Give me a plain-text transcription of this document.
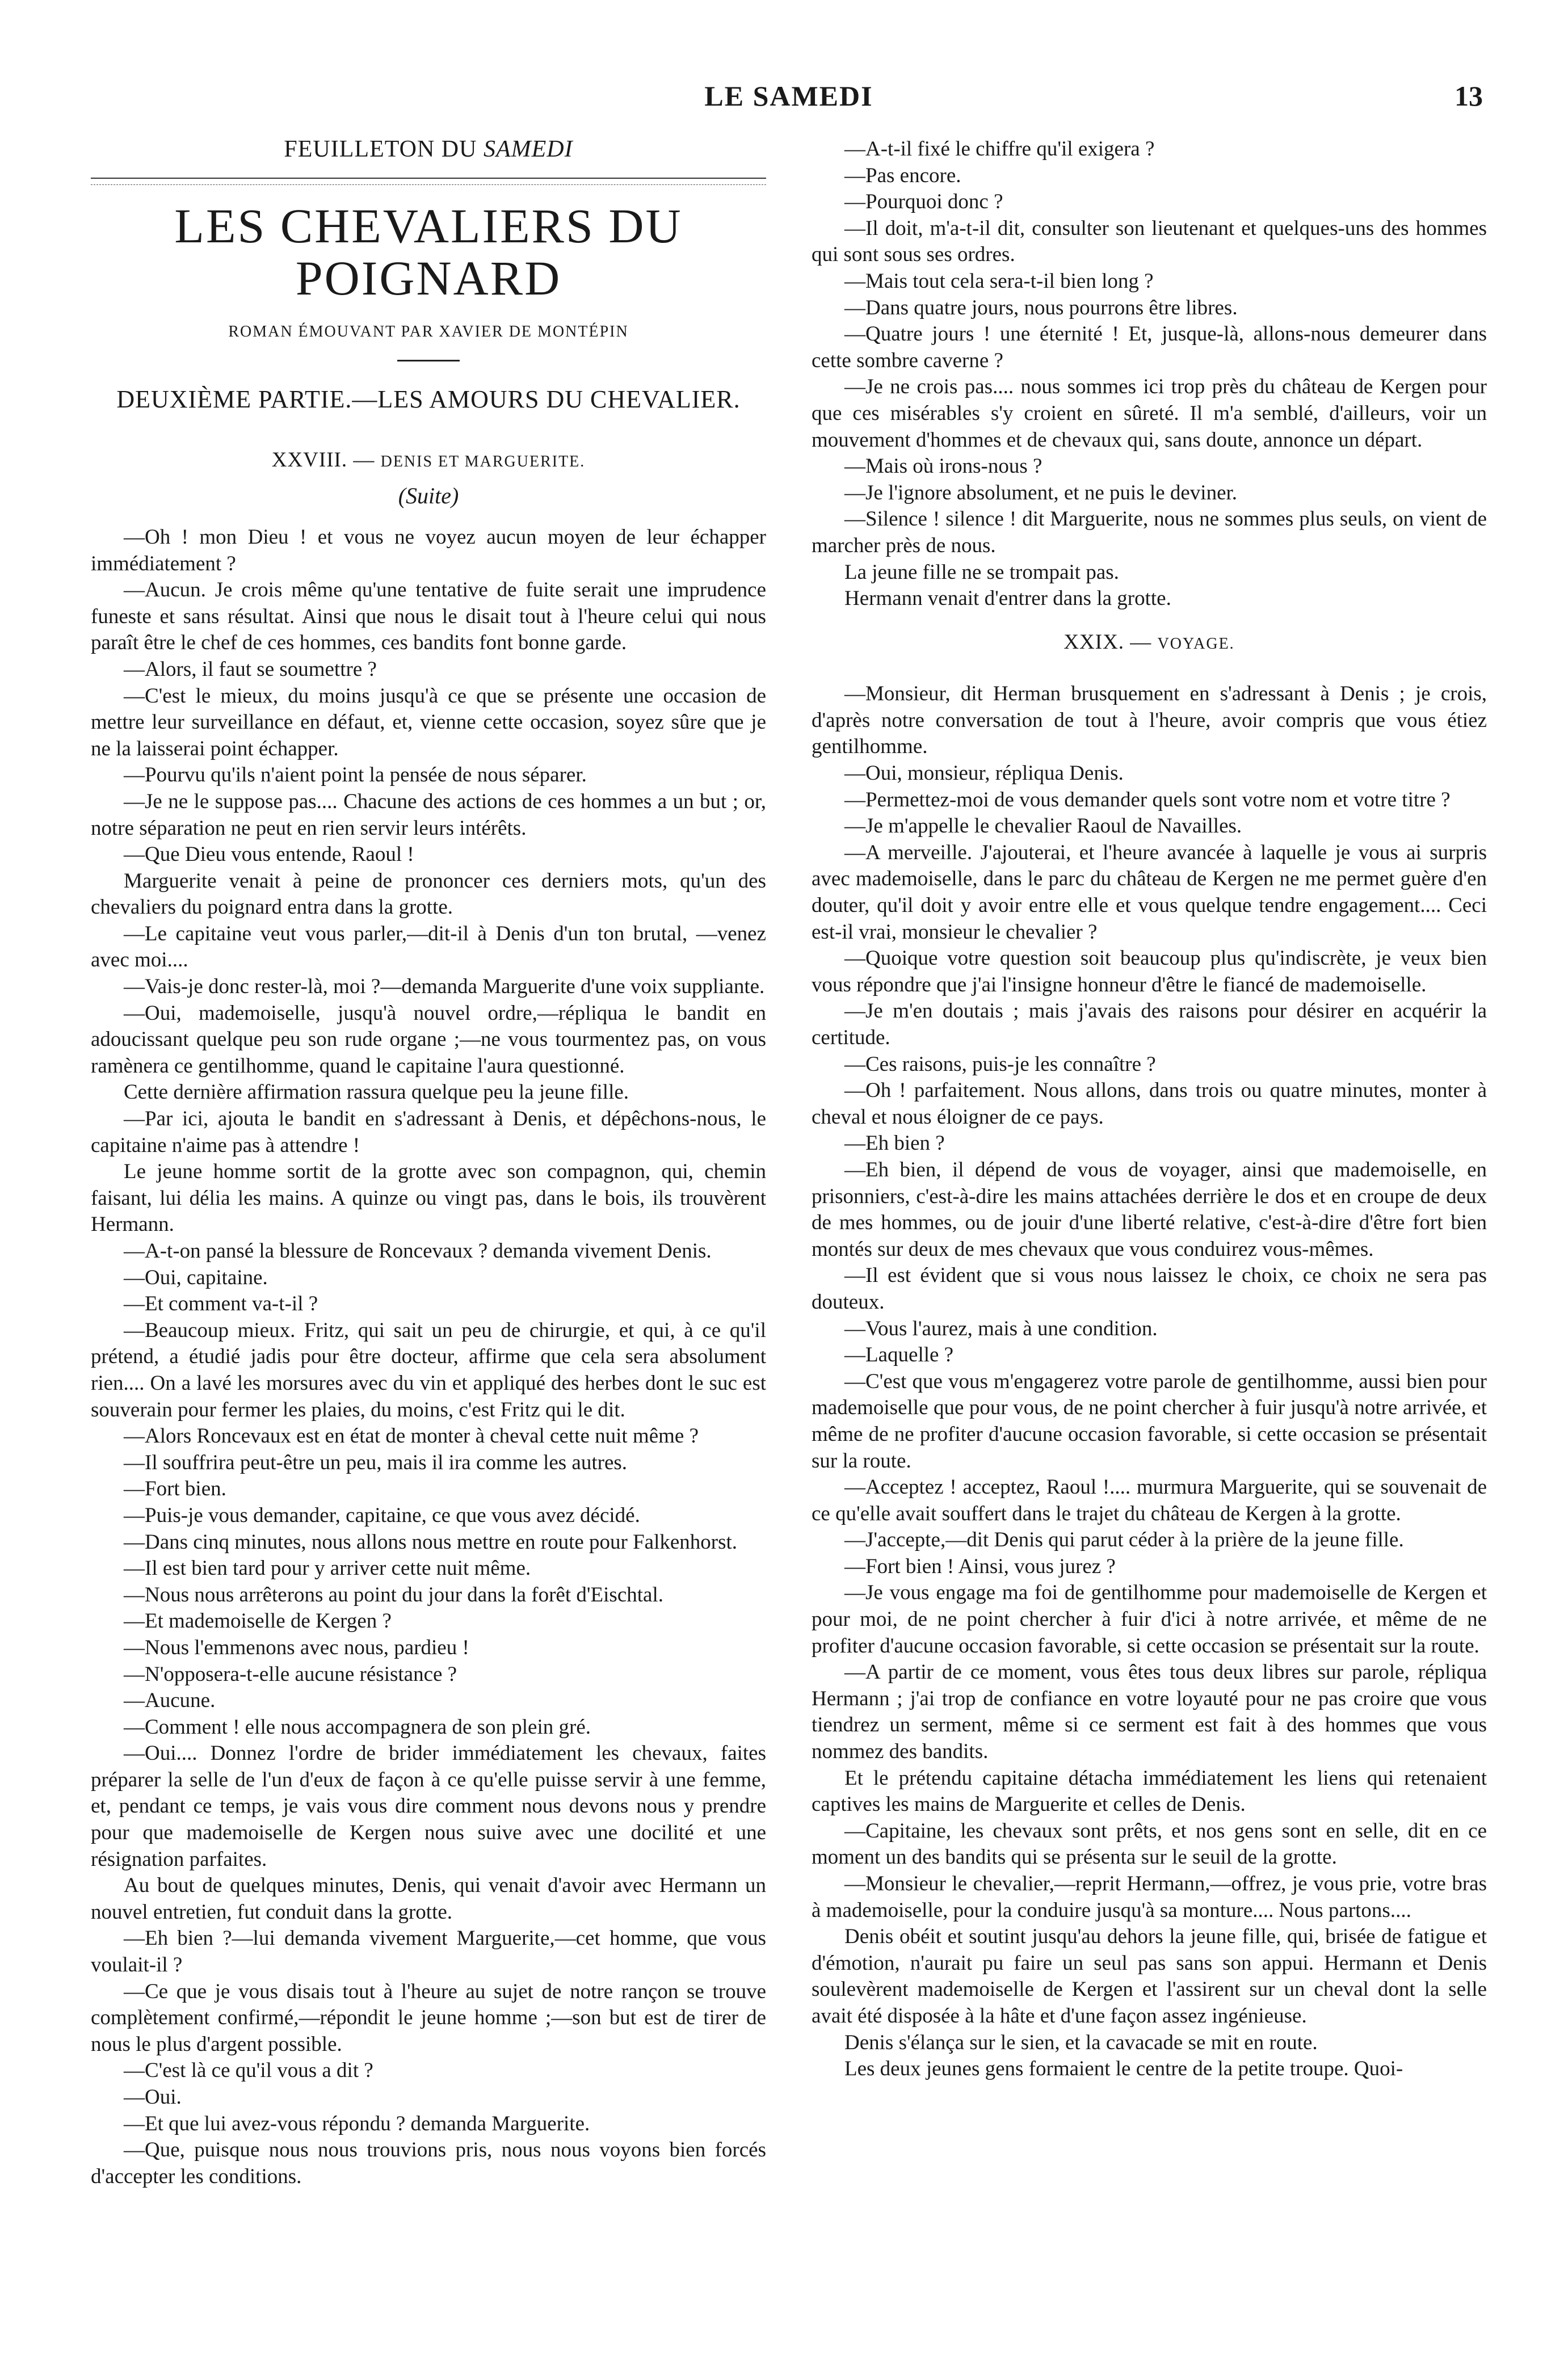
LE SAMEDI	13
FEUILLETON DU SAMEDI
LES CHEVALIERS DU POIGNARD
ROMAN ÉMOUVANT PAR XAVIER DE MONTÉPIN
DEUXIÈME PARTIE.—LES AMOURS DU CHEVALIER.
XXVIII. — DENIS ET MARGUERITE.
(Suite)

—Oh ! mon Dieu ! et vous ne voyez aucun moyen de leur échapper immédiatement ?

—Aucun. Je crois même qu'une tentative de fuite serait une imprudence funeste et sans résultat. Ainsi que nous le disait tout à l'heure celui qui nous paraît être le chef de ces hommes, ces bandits font bonne garde.

—Alors, il faut se soumettre ?

—C'est le mieux, du moins jusqu'à ce que se présente une occasion de mettre leur surveillance en défaut, et, vienne cette occasion, soyez sûre que je ne la laisserai point échapper.

—Pourvu qu'ils n'aient point la pensée de nous séparer.

—Je ne le suppose pas.... Chacune des actions de ces hommes a un but ; or, notre séparation ne peut en rien servir leurs intérêts.

—Que Dieu vous entende, Raoul !

Marguerite venait à peine de prononcer ces derniers mots, qu'un des chevaliers du poignard entra dans la grotte.

—Le capitaine veut vous parler,—dit-il à Denis d'un ton brutal, —venez avec moi....

—Vais-je donc rester-là, moi ?—demanda Marguerite d'une voix suppliante.

—Oui, mademoiselle, jusqu'à nouvel ordre,—répliqua le bandit en adoucissant quelque peu son rude organe ;—ne vous tourmentez pas, on vous ramènera ce gentilhomme, quand le capitaine l'aura questionné.

Cette dernière affirmation rassura quelque peu la jeune fille.

—Par ici, ajouta le bandit en s'adressant à Denis, et dépêchons-nous, le capitaine n'aime pas à attendre !

Le jeune homme sortit de la grotte avec son compagnon, qui, chemin faisant, lui délia les mains. A quinze ou vingt pas, dans le bois, ils trouvèrent Hermann.

—A-t-on pansé la blessure de Roncevaux ? demanda vivement Denis.

—Oui, capitaine.

—Et comment va-t-il ?

—Beaucoup mieux. Fritz, qui sait un peu de chirurgie, et qui, à ce qu'il prétend, a étudié jadis pour être docteur, affirme que cela sera absolument rien.... On a lavé les morsures avec du vin et appliqué des herbes dont le suc est souverain pour fermer les plaies, du moins, c'est Fritz qui le dit.

—Alors Roncevaux est en état de monter à cheval cette nuit même ?

—Il souffrira peut-être un peu, mais il ira comme les autres.

—Fort bien.

—Puis-je vous demander, capitaine, ce que vous avez décidé.

—Dans cinq minutes, nous allons nous mettre en route pour Falkenhorst.

—Il est bien tard pour y arriver cette nuit même.

—Nous nous arrêterons au point du jour dans la forêt d'Eischtal.

—Et mademoiselle de Kergen ?

—Nous l'emmenons avec nous, pardieu !

—N'opposera-t-elle aucune résistance ?

—Aucune.

—Comment ! elle nous accompagnera de son plein gré.

—Oui.... Donnez l'ordre de brider immédiatement les chevaux, faites préparer la selle de l'un d'eux de façon à ce qu'elle puisse servir à une femme, et, pendant ce temps, je vais vous dire comment nous devons nous y prendre pour que mademoiselle de Kergen nous suive avec une docilité et une résignation parfaites.

Au bout de quelques minutes, Denis, qui venait d'avoir avec Hermann un nouvel entretien, fut conduit dans la grotte.

—Eh bien ?—lui demanda vivement Marguerite,—cet homme, que vous voulait-il ?

—Ce que je vous disais tout à l'heure au sujet de notre rançon se trouve complètement confirmé,—répondit le jeune homme ;—son but est de tirer de nous le plus d'argent possible.

—C'est là ce qu'il vous a dit ?

—Oui.

—Et que lui avez-vous répondu ? demanda Marguerite.

—Que, puisque nous nous trouvions pris, nous nous voyons bien forcés d'accepter les conditions.

—A-t-il fixé le chiffre qu'il exigera ?

—Pas encore.

—Pourquoi donc ?

—Il doit, m'a-t-il dit, consulter son lieutenant et quelques-uns des hommes qui sont sous ses ordres.

—Mais tout cela sera-t-il bien long ?

—Dans quatre jours, nous pourrons être libres.

—Quatre jours ! une éternité ! Et, jusque-là, allons-nous demeurer dans cette sombre caverne ?

—Je ne crois pas.... nous sommes ici trop près du château de Kergen pour que ces misérables s'y croient en sûreté. Il m'a semblé, d'ailleurs, voir un mouvement d'hommes et de chevaux qui, sans doute, annonce un départ.

—Mais où irons-nous ?

—Je l'ignore absolument, et ne puis le deviner.

—Silence ! silence ! dit Marguerite, nous ne sommes plus seuls, on vient de marcher près de nous.

La jeune fille ne se trompait pas.

Hermann venait d'entrer dans la grotte.

XXIX. — VOYAGE.

—Monsieur, dit Herman brusquement en s'adressant à Denis ; je crois, d'après notre conversation de tout à l'heure, avoir compris que vous étiez gentilhomme.

—Oui, monsieur, répliqua Denis.

—Permettez-moi de vous demander quels sont votre nom et votre titre ?

—Je m'appelle le chevalier Raoul de Navailles.

—A merveille. J'ajouterai, et l'heure avancée à laquelle je vous ai surpris avec mademoiselle, dans le parc du château de Kergen ne me permet guère d'en douter, qu'il doit y avoir entre elle et vous quelque tendre engagement.... Ceci est-il vrai, monsieur le chevalier ?

—Quoique votre question soit beaucoup plus qu'indiscrète, je veux bien vous répondre que j'ai l'insigne honneur d'être le fiancé de mademoiselle.

—Je m'en doutais ; mais j'avais des raisons pour désirer en acquérir la certitude.

—Ces raisons, puis-je les connaître ?

—Oh ! parfaitement. Nous allons, dans trois ou quatre minutes, monter à cheval et nous éloigner de ce pays.

—Eh bien ?

—Eh bien, il dépend de vous de voyager, ainsi que mademoiselle, en prisonniers, c'est-à-dire les mains attachées derrière le dos et en croupe de deux de mes hommes, ou de jouir d'une liberté relative, c'est-à-dire d'être fort bien montés sur deux de mes chevaux que vous conduirez vous-mêmes.

—Il est évident que si vous nous laissez le choix, ce choix ne sera pas douteux.

—Vous l'aurez, mais à une condition.

—Laquelle ?

—C'est que vous m'engagerez votre parole de gentilhomme, aussi bien pour mademoiselle que pour vous, de ne point chercher à fuir jusqu'à notre arrivée, et même de ne profiter d'aucune occasion favorable, si cette occasion se présentait sur la route.

—Acceptez ! acceptez, Raoul !.... murmura Marguerite, qui se souvenait de ce qu'elle avait souffert dans le trajet du château de Kergen à la grotte.

—J'accepte,—dit Denis qui parut céder à la prière de la jeune fille.

—Fort bien ! Ainsi, vous jurez ?

—Je vous engage ma foi de gentilhomme pour mademoiselle de Kergen et pour moi, de ne point chercher à fuir d'ici à notre arrivée, et même de ne profiter d'aucune occasion favorable, si cette occasion se présentait sur la route.

—A partir de ce moment, vous êtes tous deux libres sur parole, répliqua Hermann ; j'ai trop de confiance en votre loyauté pour ne pas croire que vous tiendrez un serment, même si ce serment est fait à des hommes que vous nommez des bandits.

Et le prétendu capitaine détacha immédiatement les liens qui retenaient captives les mains de Marguerite et celles de Denis.

—Capitaine, les chevaux sont prêts, et nos gens sont en selle, dit en ce moment un des bandits qui se présenta sur le seuil de la grotte.

—Monsieur le chevalier,—reprit Hermann,—offrez, je vous prie, votre bras à mademoiselle, pour la conduire jusqu'à sa monture.... Nous partons....

Denis obéit et soutint jusqu'au dehors la jeune fille, qui, brisée de fatigue et d'émotion, n'aurait pu faire un seul pas sans son appui. Hermann et Denis soulevèrent mademoiselle de Kergen et l'assirent sur un cheval dont la selle avait été disposée à la hâte et d'une façon assez ingénieuse.

Denis s'élança sur le sien, et la cavacade se mit en route.

Les deux jeunes gens formaient le centre de la petite troupe. Quoi-
